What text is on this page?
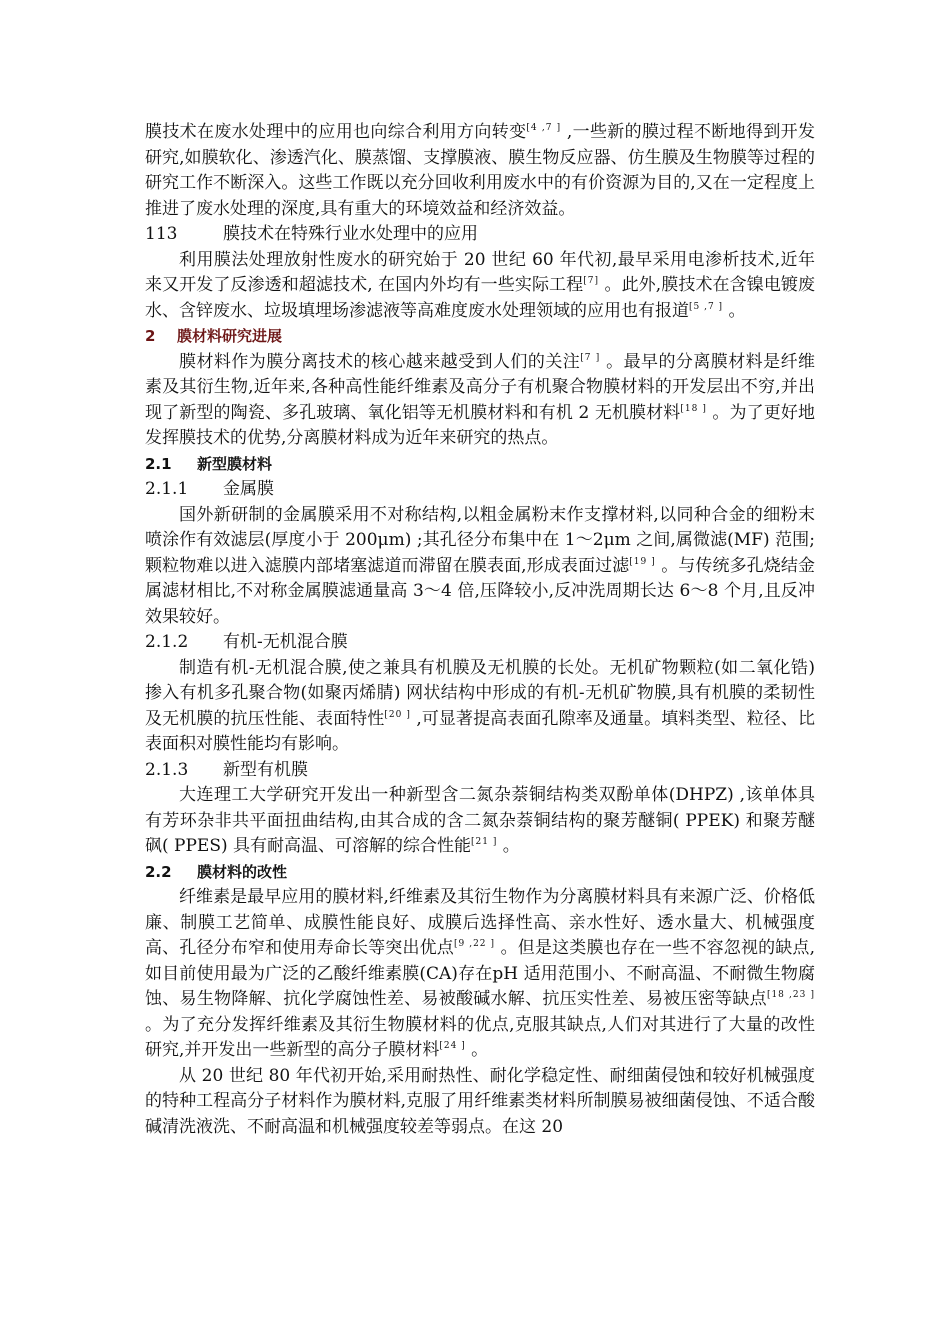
膜技术在废水处理中的应用也向综合利用方向转变[4 ,7 ] ,一些新的膜过程不断地得到开发研究,如膜软化、渗透汽化、膜蒸馏、支撑膜液、膜生物反应器、仿生膜及生物膜等过程的研究工作不断深入。这些工作既以充分回收利用废水中的有价资源为目的,又在一定程度上推进了废水处理的深度,具有重大的环境效益和经济效益。

113	膜技术在特殊行业水处理中的应用

利用膜法处理放射性废水的研究始于 20 世纪 60 年代初,最早采用电渗析技术,近年来又开发了反渗透和超滤技术, 在国内外均有一些实际工程[7] 。此外,膜技术在含镍电镀废水、含锌废水、垃圾填埋场渗滤液等高难度废水处理领域的应用也有报道[5 ,7 ] 。

2 膜材料研究进展

膜材料作为膜分离技术的核心越来越受到人们的关注[7 ] 。最早的分离膜材料是纤维素及其衍生物,近年来,各种高性能纤维素及高分子有机聚合物膜材料的开发层出不穷,并出现了新型的陶瓷、多孔玻璃、氧化铝等无机膜材料和有机 2 无机膜材料[18 ] 。为了更好地发挥膜技术的优势,分离膜材料成为近年来研究的热点。

2.1 新型膜材料

2.1.1 金属膜

国外新研制的金属膜采用不对称结构,以粗金属粉末作支撑材料,以同种合金的细粉末喷涂作有效滤层(厚度小于 200μm) ;其孔径分布集中在 1～2μm 之间,属微滤(MF) 范围;颗粒物难以进入滤膜内部堵塞滤道而滞留在膜表面,形成表面过滤[19 ] 。与传统多孔烧结金属滤材相比,不对称金属膜滤通量高 3～4 倍,压降较小,反冲洗周期长达 6～8 个月,且反冲效果较好。

2.1.2 有机-无机混合膜

制造有机-无机混合膜,使之兼具有机膜及无机膜的长处。无机矿物颗粒(如二氧化锆) 掺入有机多孔聚合物(如聚丙烯腈) 网状结构中形成的有机-无机矿物膜,具有机膜的柔韧性及无机膜的抗压性能、表面特性[20 ] ,可显著提高表面孔隙率及通量。填料类型、粒径、比表面积对膜性能均有影响。

2.1.3 新型有机膜

大连理工大学研究开发出一种新型含二氮杂萘铜结构类双酚单体(DHPZ) ,该单体具有芳环杂非共平面扭曲结构,由其合成的含二氮杂萘铜结构的聚芳醚铜( PPEK) 和聚芳醚砜( PPES) 具有耐高温、可溶解的综合性能[21 ] 。

2.2 膜材料的改性

纤维素是最早应用的膜材料,纤维素及其衍生物作为分离膜材料具有来源广泛、价格低廉、制膜工艺简单、成膜性能良好、成膜后选择性高、亲水性好、透水量大、机械强度高、孔径分布窄和使用寿命长等突出优点[9 ,22 ] 。但是这类膜也存在一些不容忽视的缺点,如目前使用最为广泛的乙酸纤维素膜(CA)存在pH 适用范围小、不耐高温、不耐微生物腐蚀、易生物降解、抗化学腐蚀性差、易被酸碱水解、抗压实性差、易被压密等缺点[18 ,23 ] 。为了充分发挥纤维素及其衍生物膜材料的优点,克服其缺点,人们对其进行了大量的改性研究,并开发出一些新型的高分子膜材料[24 ] 。

从 20 世纪 80 年代初开始,采用耐热性、耐化学稳定性、耐细菌侵蚀和较好机械强度的特种工程高分子材料作为膜材料,克服了用纤维素类材料所制膜易被细菌侵蚀、不适合酸碱清洗液洗、不耐高温和机械强度较差等弱点。在这 20
